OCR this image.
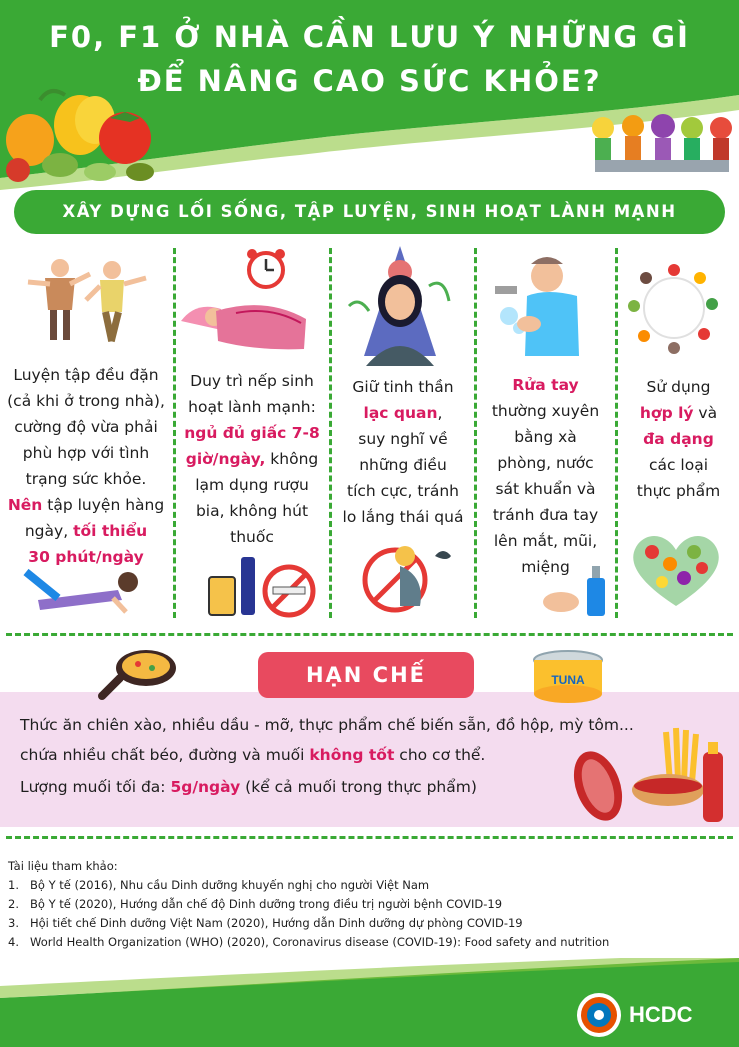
F0, F1 Ở NHÀ CẦN LƯU Ý NHỮNG GÌ
ĐỂ NÂNG CAO SỨC KHỎE?
XÂY DỰNG LỐI SỐNG, TẬP LUYỆN, SINH HOẠT LÀNH MẠNH
Luyện tập đều đặn
(cả khi ở trong nhà),
cường độ vừa phải
phù hợp với tình
trạng sức khỏe.
Nên tập luyện hàng
ngày, tối thiểu
30 phút/ngày
Duy trì nếp sinh
hoạt lành mạnh:
ngủ đủ giấc 7-8
giờ/ngày, không
lạm dụng rượu
bia, không hút
thuốc
Giữ tinh thần
lạc quan,
suy nghĩ về
những điều
tích cực, tránh
lo lắng thái quá
Rửa tay
thường xuyên
bằng xà
phòng, nước
sát khuẩn và
tránh đưa tay
lên mắt, mũi,
miệng
Sử dụng
hợp lý và
đa dạng
các loại
thực phẩm
HẠN CHẾ	TUNA
Thức ăn chiên xào, nhiều dầu - mỡ, thực phẩm chế biến sẵn, đồ hộp, mỳ tôm...
chứa nhiều chất béo, đường và muối không tốt cho cơ thể.
Lượng muối tối đa: 5g/ngày (kể cả muối trong thực phẩm)
Tài liệu tham khảo:
1. Bộ Y tế (2016), Nhu cầu Dinh dưỡng khuyến nghị cho người Việt Nam
2. Bộ Y tế (2020), Hướng dẫn chế độ Dinh dưỡng trong điều trị người bệnh COVID-19
3. Hội tiết chế Dinh dưỡng Việt Nam (2020), Hướng dẫn Dinh dưỡng dự phòng COVID-19
4. World Health Organization (WHO) (2020), Coronavirus disease (COVID-19): Food safety and nutrition
HCDC
